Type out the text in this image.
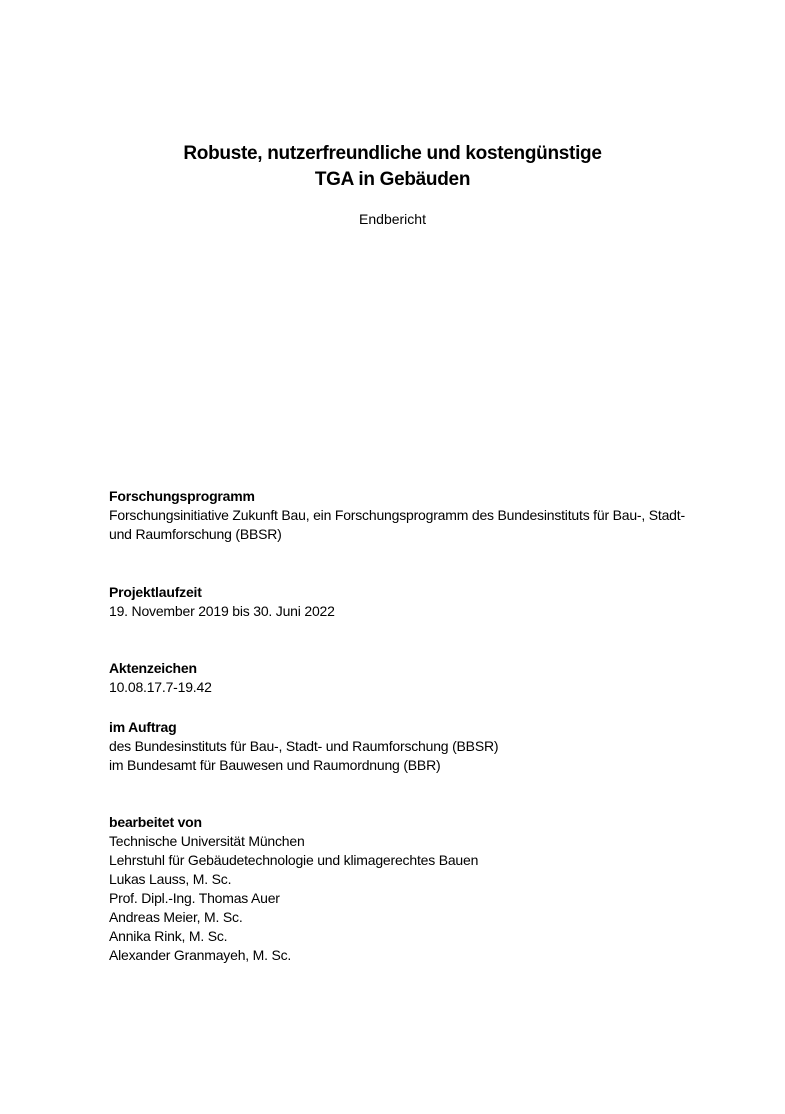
Robuste, nutzerfreundliche und kostengünstige
TGA in Gebäuden
Endbericht
Forschungsprogramm
Forschungsinitiative Zukunft Bau, ein Forschungsprogramm des Bundesinstituts für Bau-, Stadt-
und Raumforschung (BBSR)
Projektlaufzeit
19. November 2019 bis 30. Juni 2022
Aktenzeichen
10.08.17.7-19.42
im Auftrag
des Bundesinstituts für Bau-, Stadt- und Raumforschung (BBSR)
im Bundesamt für Bauwesen und Raumordnung (BBR)
bearbeitet von
Technische Universität München
Lehrstuhl für Gebäudetechnologie und klimagerechtes Bauen
Lukas Lauss, M. Sc.
Prof. Dipl.-Ing. Thomas Auer
Andreas Meier, M. Sc.
Annika Rink, M. Sc.
Alexander Granmayeh, M. Sc.
